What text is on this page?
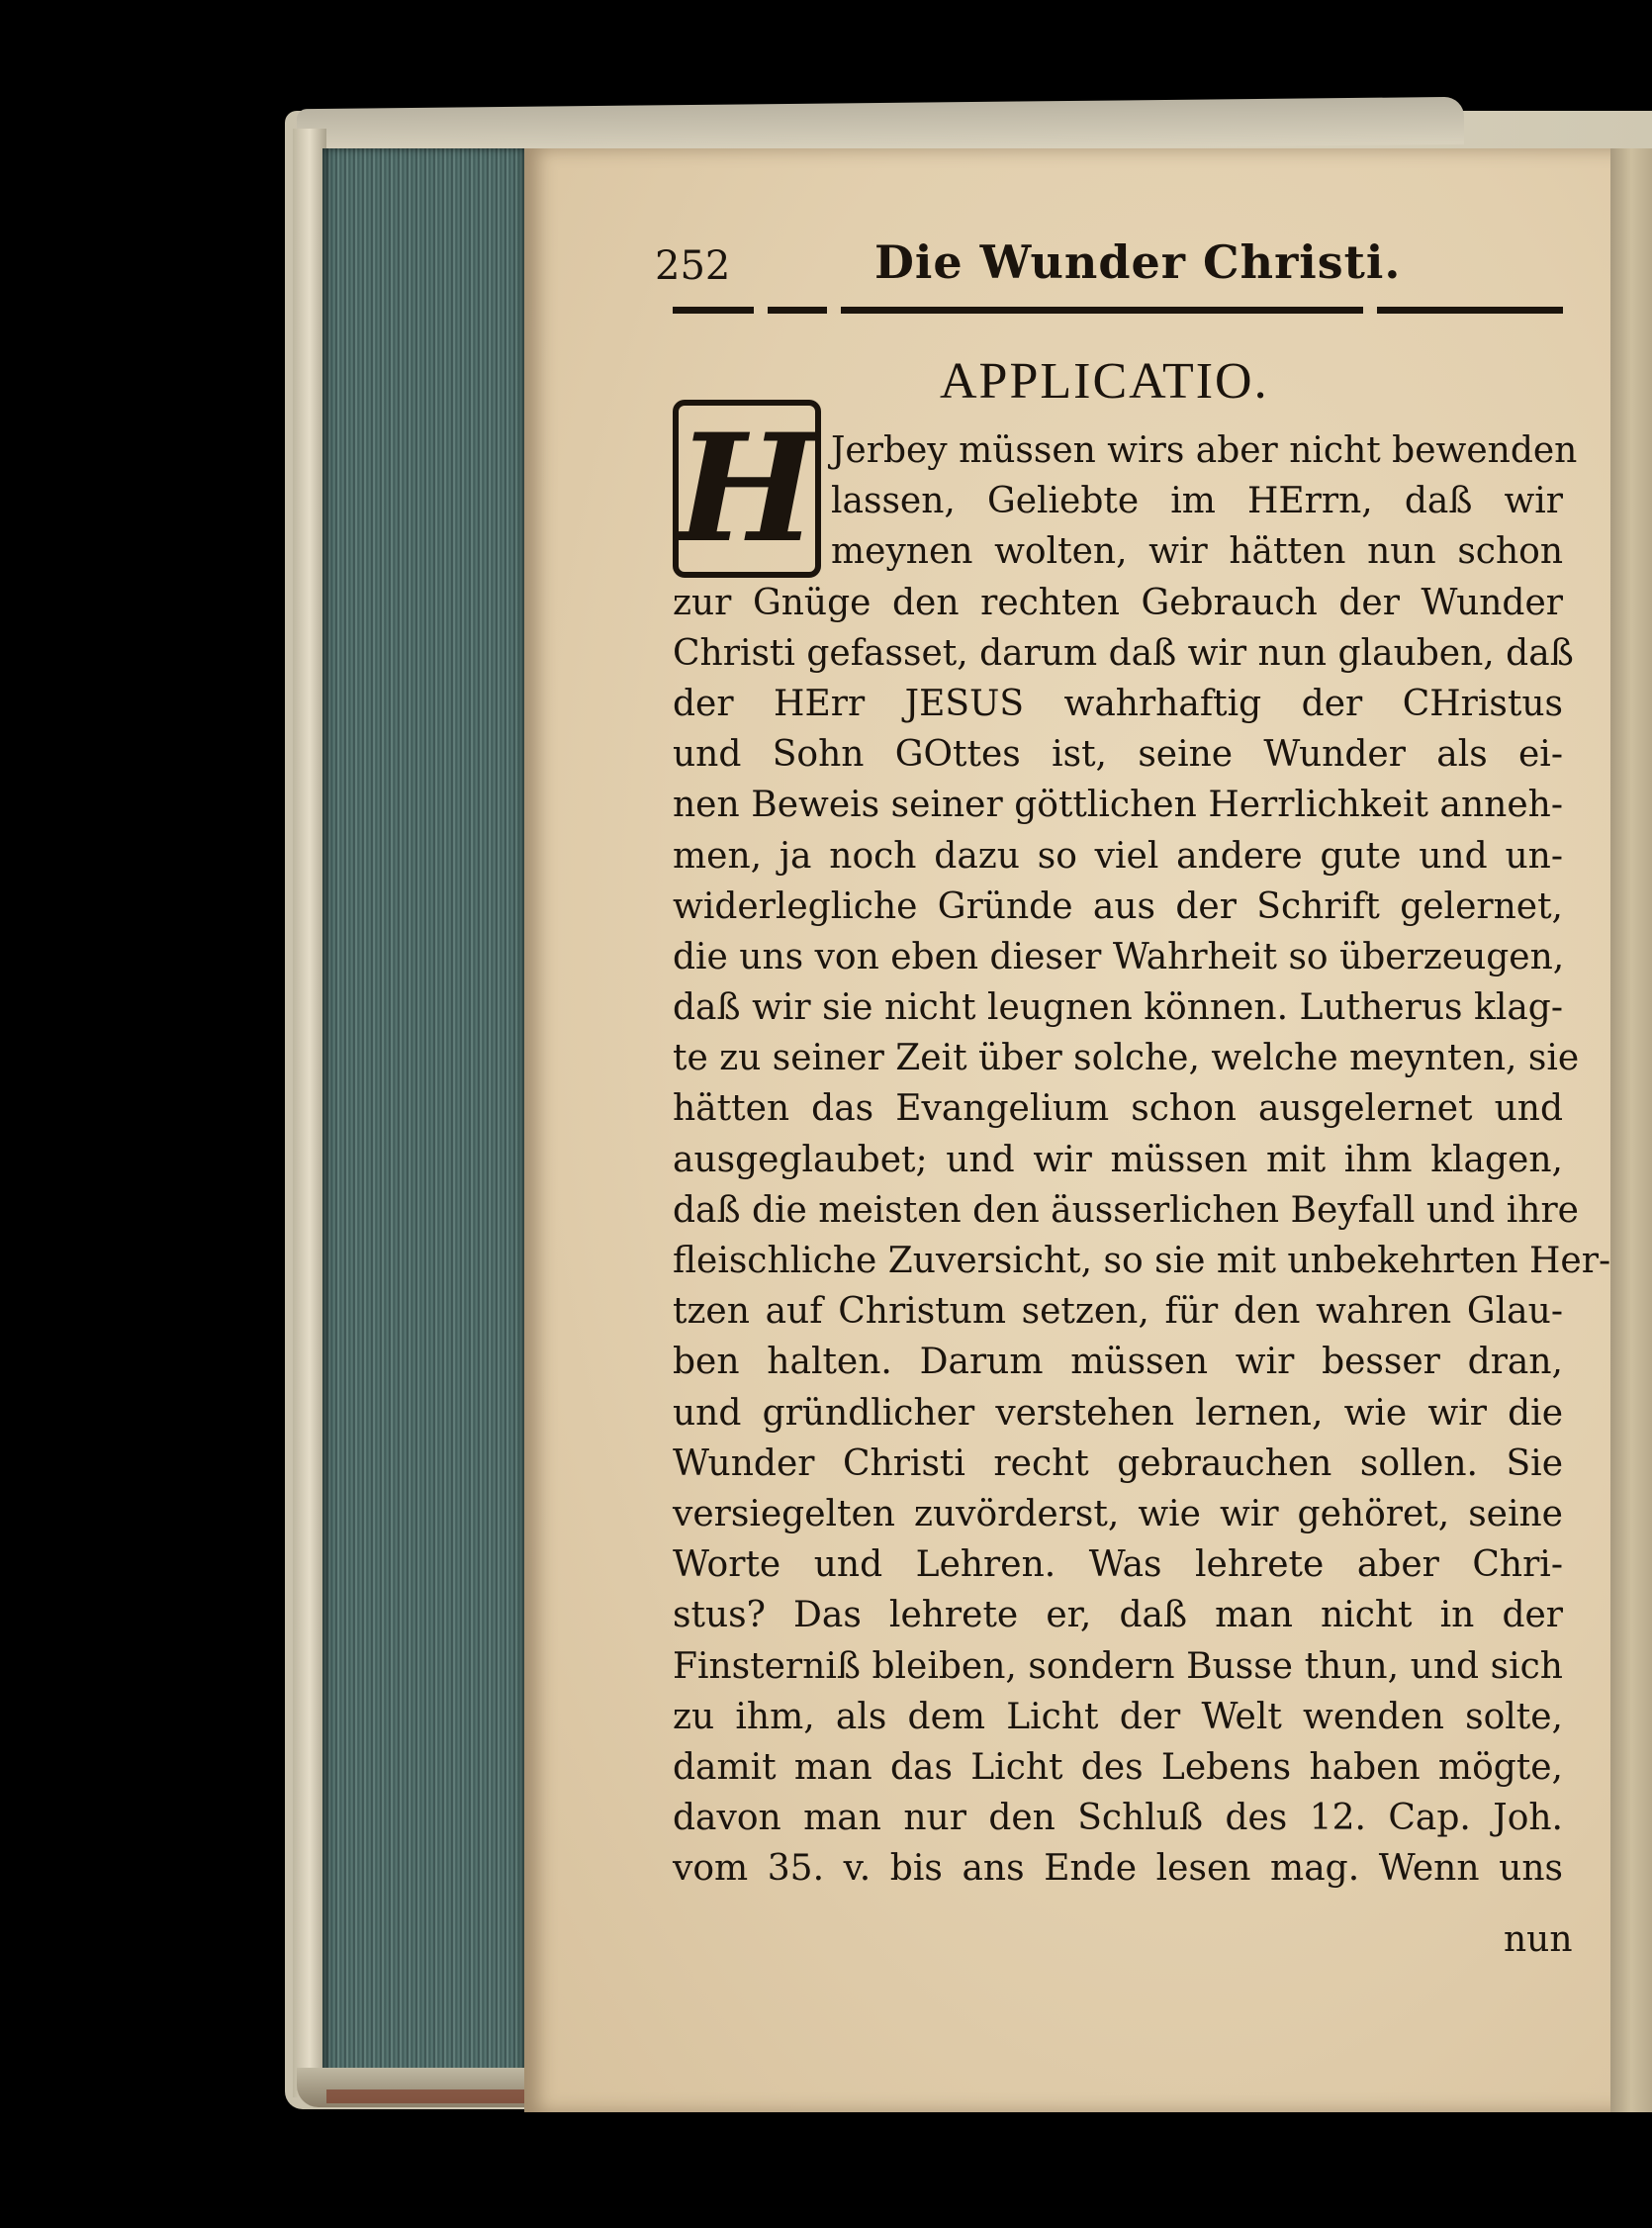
252	Die Wunder Christi.
APPLICATIO.
H Jerbey müssen wirs aber nicht bewenden
lassen, Geliebte im HErrn, daß wir
meynen wolten, wir hätten nun schon
zur Gnüge den rechten Gebrauch der Wunder
Christi gefasset, darum daß wir nun glauben, daß
der HErr JESUS wahrhaftig der CHristus
und Sohn GOttes ist, seine Wunder als ei-
nen Beweis seiner göttlichen Herrlichkeit anneh-
men, ja noch dazu so viel andere gute und un-
widerlegliche Gründe aus der Schrift gelernet,
die uns von eben dieser Wahrheit so überzeugen,
daß wir sie nicht leugnen können. Lutherus klag-
te zu seiner Zeit über solche, welche meynten, sie
hätten das Evangelium schon ausgelernet und
ausgeglaubet; und wir müssen mit ihm klagen,
daß die meisten den äusserlichen Beyfall und ihre
fleischliche Zuversicht, so sie mit unbekehrten Her-
tzen auf Christum setzen, für den wahren Glau-
ben halten. Darum müssen wir besser dran,
und gründlicher verstehen lernen, wie wir die
Wunder Christi recht gebrauchen sollen. Sie
versiegelten zuvörderst, wie wir gehöret, seine
Worte und Lehren. Was lehrete aber Chri-
stus? Das lehrete er, daß man nicht in der
Finsterniß bleiben, sondern Busse thun, und sich
zu ihm, als dem Licht der Welt wenden solte,
damit man das Licht des Lebens haben mögte,
davon man nur den Schluß des 12. Cap. Joh.
vom 35. v. bis ans Ende lesen mag. Wenn uns
nun
